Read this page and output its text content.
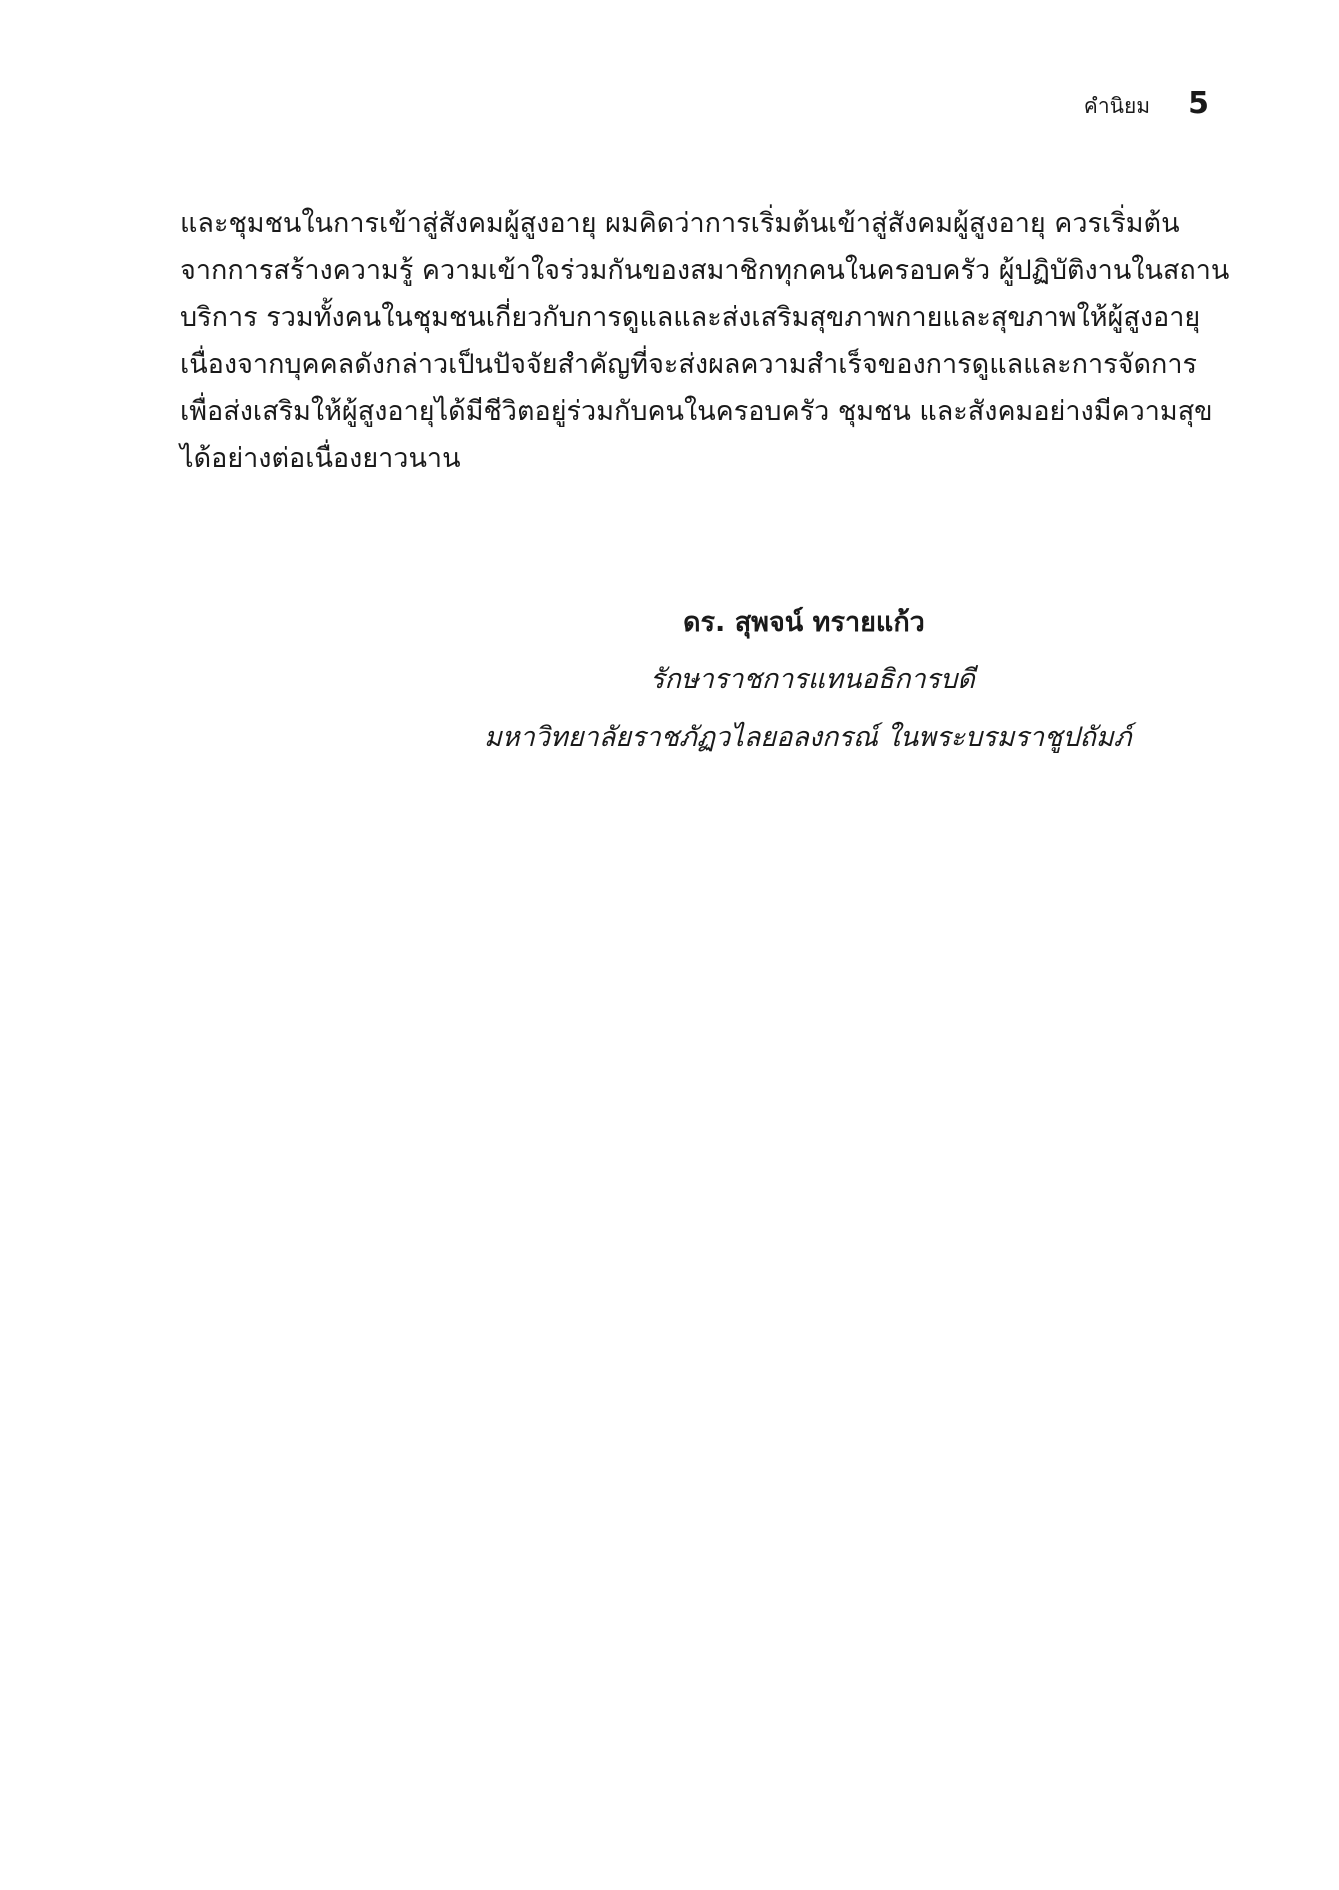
คำนิยม 5
และชุมชนในการเข้าสู่สังคมผู้สูงอายุ ผมคิดว่าการเริ่มต้นเข้าสู่สังคมผู้สูงอายุ ควรเริ่มต้น
จากการสร้างความรู้ ความเข้าใจร่วมกันของสมาชิกทุกคนในครอบครัว ผู้ปฏิบัติงานในสถาน
บริการ รวมทั้งคนในชุมชนเกี่ยวกับการดูแลและส่งเสริมสุขภาพกายและสุขภาพให้ผู้สูงอายุ
เนื่องจากบุคคลดังกล่าวเป็นปัจจัยสำคัญที่จะส่งผลความสำเร็จของการดูแลและการจัดการ
เพื่อส่งเสริมให้ผู้สูงอายุได้มีชีวิตอยู่ร่วมกับคนในครอบครัว ชุมชน และสังคมอย่างมีความสุข
ได้อย่างต่อเนื่องยาวนาน
ดร. สุพจน์ ทรายแก้ว
รักษาราชการแทนอธิการบดี
มหาวิทยาลัยราชภัฏวไลยอลงกรณ์ ในพระบรมราชูปถัมภ์
